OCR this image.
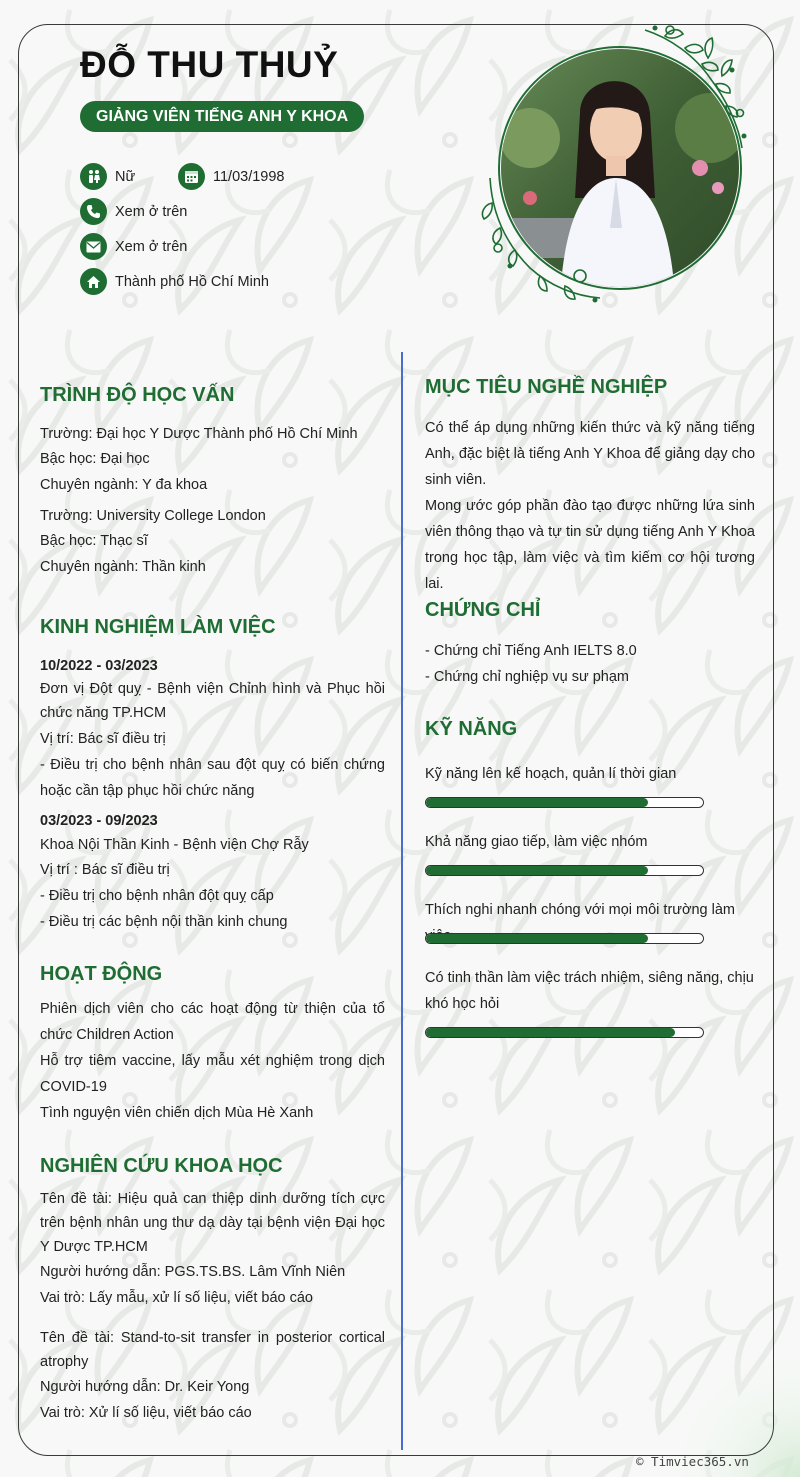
ĐỖ THU THUỶ
GIẢNG VIÊN TIẾNG ANH Y KHOA
Nữ	11/03/1998
Xem ở trên
Xem ở trên
Thành phố Hồ Chí Minh
TRÌNH ĐỘ HỌC VẤN
Trường: Đại học Y Dược Thành phố Hồ Chí Minh
Bậc học: Đại học
Chuyên ngành: Y đa khoa
Trường: University College London
Bậc học: Thạc sĩ
Chuyên ngành: Thần kinh
KINH NGHIỆM LÀM VIỆC
10/2022 - 03/2023
Đơn vị Đột quỵ - Bệnh viện Chỉnh hình và Phục hồi chức năng TP.HCM
Vị trí: Bác sĩ điều trị
- Điều trị cho bệnh nhân sau đột quỵ có biến chứng hoặc cần tập phục hồi chức năng
03/2023 - 09/2023
Khoa Nội Thần Kinh - Bệnh viện Chợ Rẫy
Vị trí : Bác sĩ điều trị
- Điều trị cho bệnh nhân đột quỵ cấp
- Điều trị các bệnh nội thần kinh chung
HOẠT ĐỘNG
Phiên dịch viên cho các hoạt động từ thiện của tổ chức Children Action
Hỗ trợ tiêm vaccine, lấy mẫu xét nghiệm trong dịch COVID-19
Tình nguyện viên chiến dịch Mùa Hè Xanh
NGHIÊN CỨU KHOA HỌC
Tên đề tài: Hiệu quả can thiệp dinh dưỡng tích cực trên bệnh nhân ung thư dạ dày tại bệnh viện Đại học Y Dược TP.HCM
Người hướng dẫn: PGS.TS.BS. Lâm Vĩnh Niên
Vai trò: Lấy mẫu, xử lí số liệu, viết báo cáo
Tên đề tài: Stand-to-sit transfer in posterior cortical atrophy
Người hướng dẫn: Dr. Keir Yong
Vai trò: Xử lí số liệu, viết báo cáo
MỤC TIÊU NGHỀ NGHIỆP
Có thể áp dụng những kiến thức và kỹ năng tiếng Anh, đặc biệt là tiếng Anh Y Khoa để giảng dạy cho sinh viên.
Mong ước góp phần đào tạo được những lứa sinh viên thông thạo và tự tin sử dụng tiếng Anh Y Khoa trong học tập, làm việc và tìm kiếm cơ hội tương lai.
CHỨNG CHỈ
- Chứng chỉ Tiếng Anh IELTS 8.0
- Chứng chỉ nghiệp vụ sư phạm
KỸ NĂNG
Kỹ năng lên kế hoạch, quản lí thời gian
Khả năng giao tiếp, làm việc nhóm
Thích nghi nhanh chóng với mọi môi trường làm
Có tinh thần làm việc trách nhiệm, siêng năng, chịu khó học hỏi
© Timviec365.vn
